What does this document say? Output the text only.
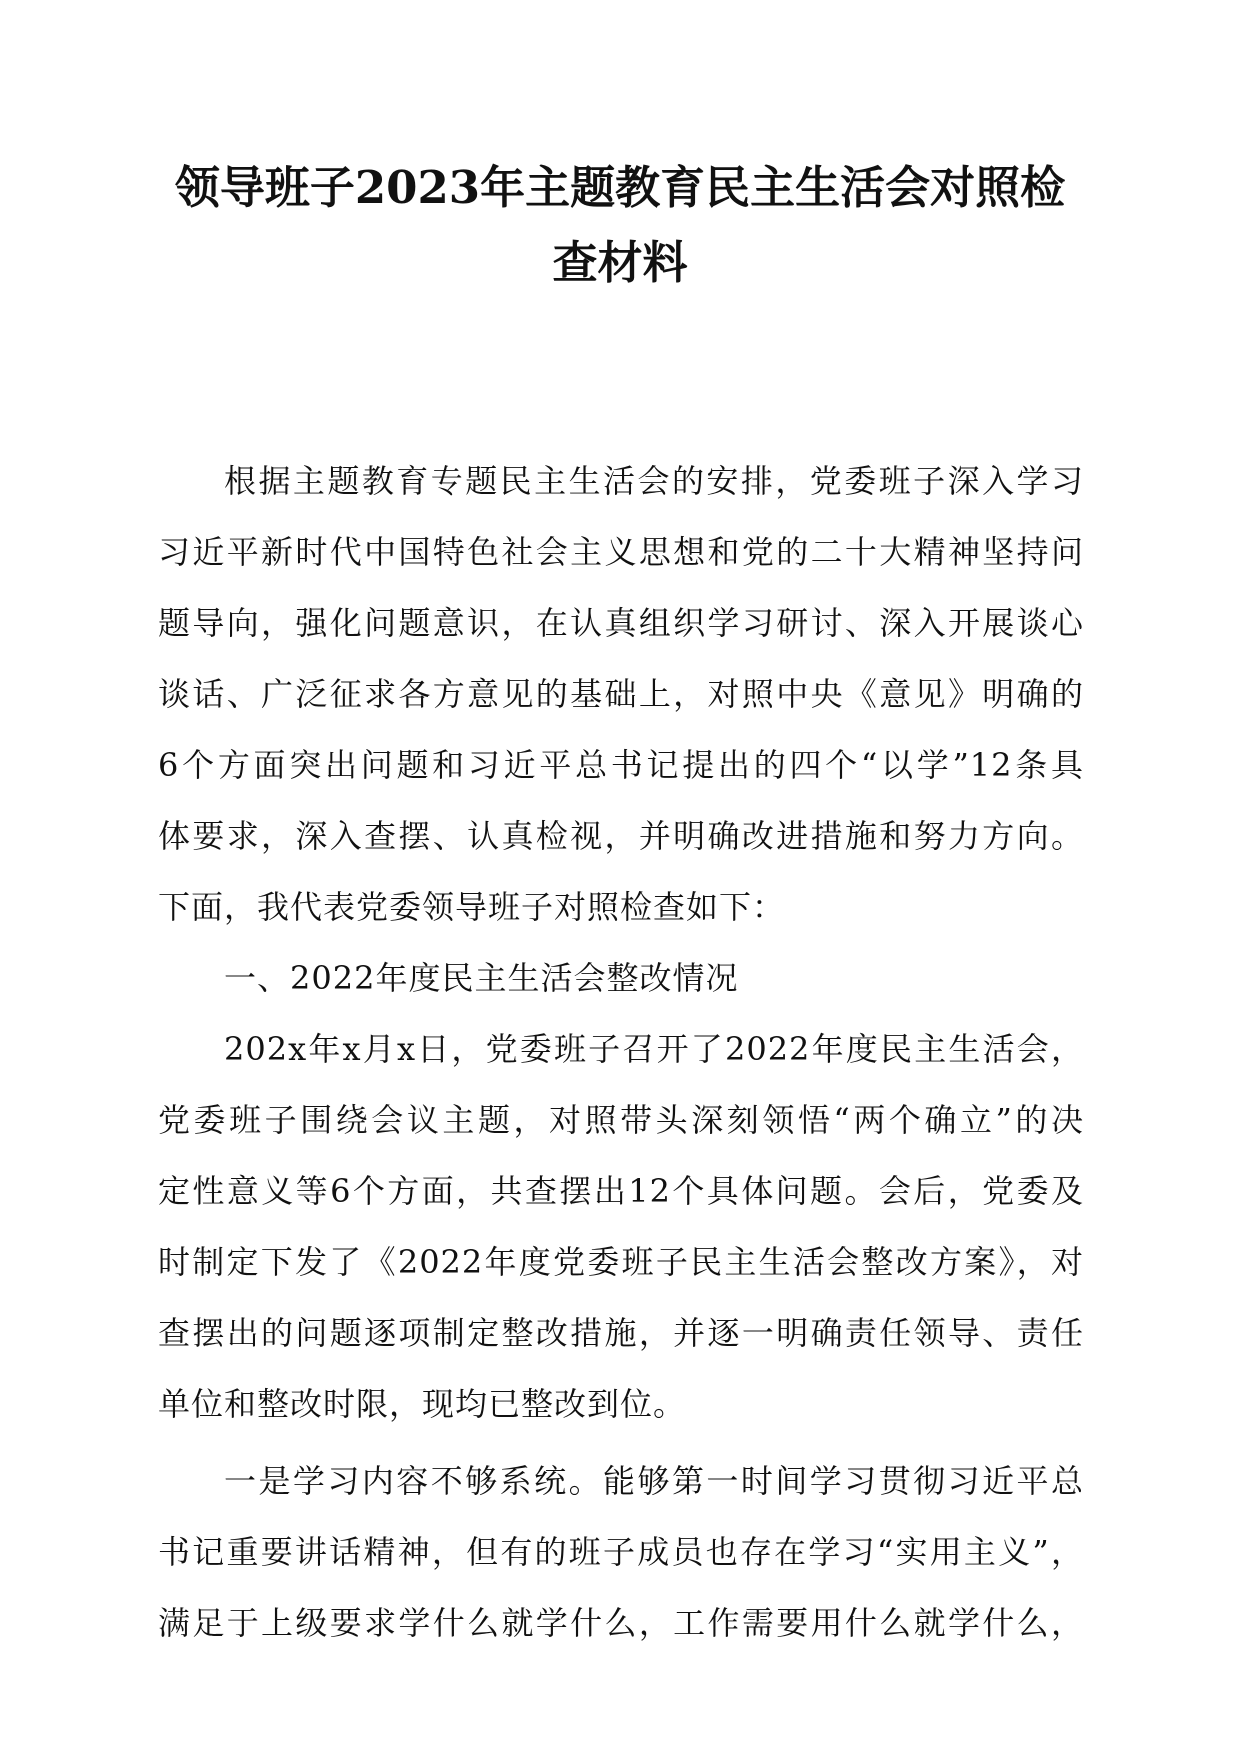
领导班子2023年主题教育民主生活会对照检
查材料
根据主题教育专题民主生活会的安排，党委班子深入学习
习近平新时代中国特色社会主义思想和党的二十大精神坚持问
题导向，强化问题意识，在认真组织学习研讨、深入开展谈心
谈话、广泛征求各方意见的基础上，对照中央《意见》明确的
6个方面突出问题和习近平总书记提出的四个“以学”12条具
体要求，深入查摆、认真检视，并明确改进措施和努力方向。
下面，我代表党委领导班子对照检查如下：
一、2022年度民主生活会整改情况
202x年x月x日，党委班子召开了2022年度民主生活会，
党委班子围绕会议主题，对照带头深刻领悟“两个确立”的决
定性意义等6个方面，共查摆出12个具体问题。会后，党委及
时制定下发了《2022年度党委班子民主生活会整改方案》，对
查摆出的问题逐项制定整改措施，并逐一明确责任领导、责任
单位和整改时限，现均已整改到位。
一是学习内容不够系统。能够第一时间学习贯彻习近平总
书记重要讲话精神，但有的班子成员也存在学习“实用主义”，
满足于上级要求学什么就学什么，工作需要用什么就学什么，
